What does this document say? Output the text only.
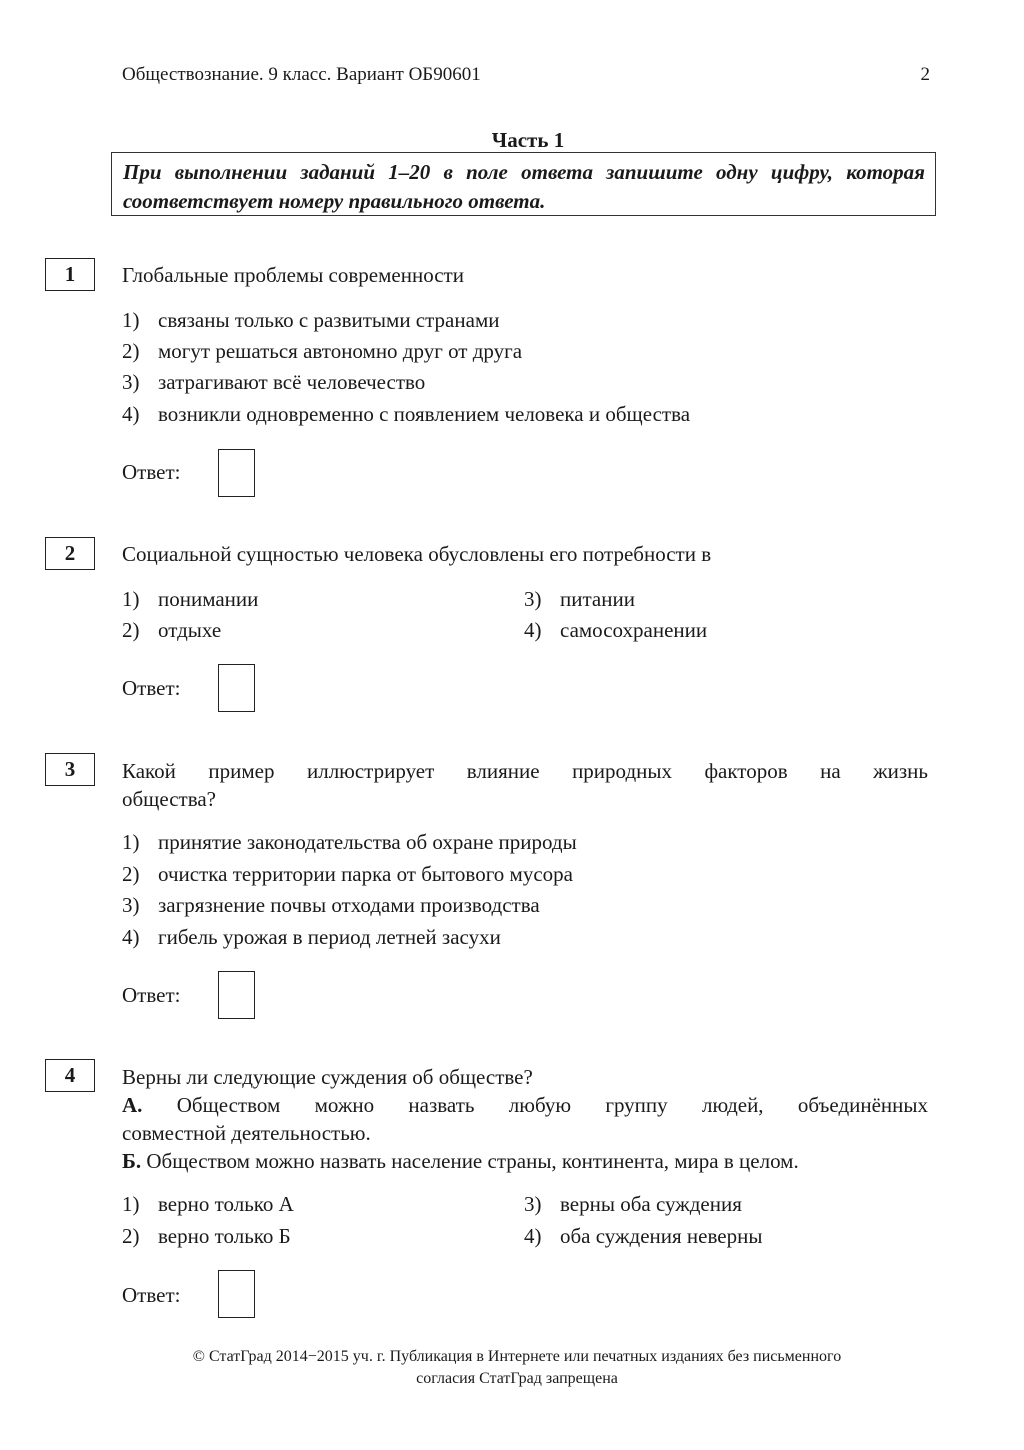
Обществознание. 9 класс. Вариант ОБ90601	2
Часть 1
При выполнении заданий 1–20 в поле ответа запишите одну цифру, которая соответствует номеру правильного ответа.
1	Глобальные проблемы современности
1) связаны только с развитыми странами
2) могут решаться автономно друг от друга
3) затрагивают всё человечество
4) возникли одновременно с появлением человека и общества
Ответ:
2	Социальной сущностью человека обусловлены его потребности в
1) понимании
2) отдыхе
3) питании
4) самосохранении
Ответ:
3	Какой пример иллюстрирует влияние природных факторов на жизнь
общества?
1) принятие законодательства об охране природы
2) очистка территории парка от бытового мусора
3) загрязнение почвы отходами производства
4) гибель урожая в период летней засухи
Ответ:
4	Верны ли следующие суждения об обществе?
А. Обществом можно назвать любую группу людей, объединённых
совместной деятельностью.
Б. Обществом можно назвать население страны, континента, мира в целом.
1) верно только А
2) верно только Б
3) верны оба суждения
4) оба суждения неверны
Ответ:
© СтатГрад 2014−2015 уч. г. Публикация в Интернете или печатных изданиях без письменного
согласия СтатГрад запрещена
